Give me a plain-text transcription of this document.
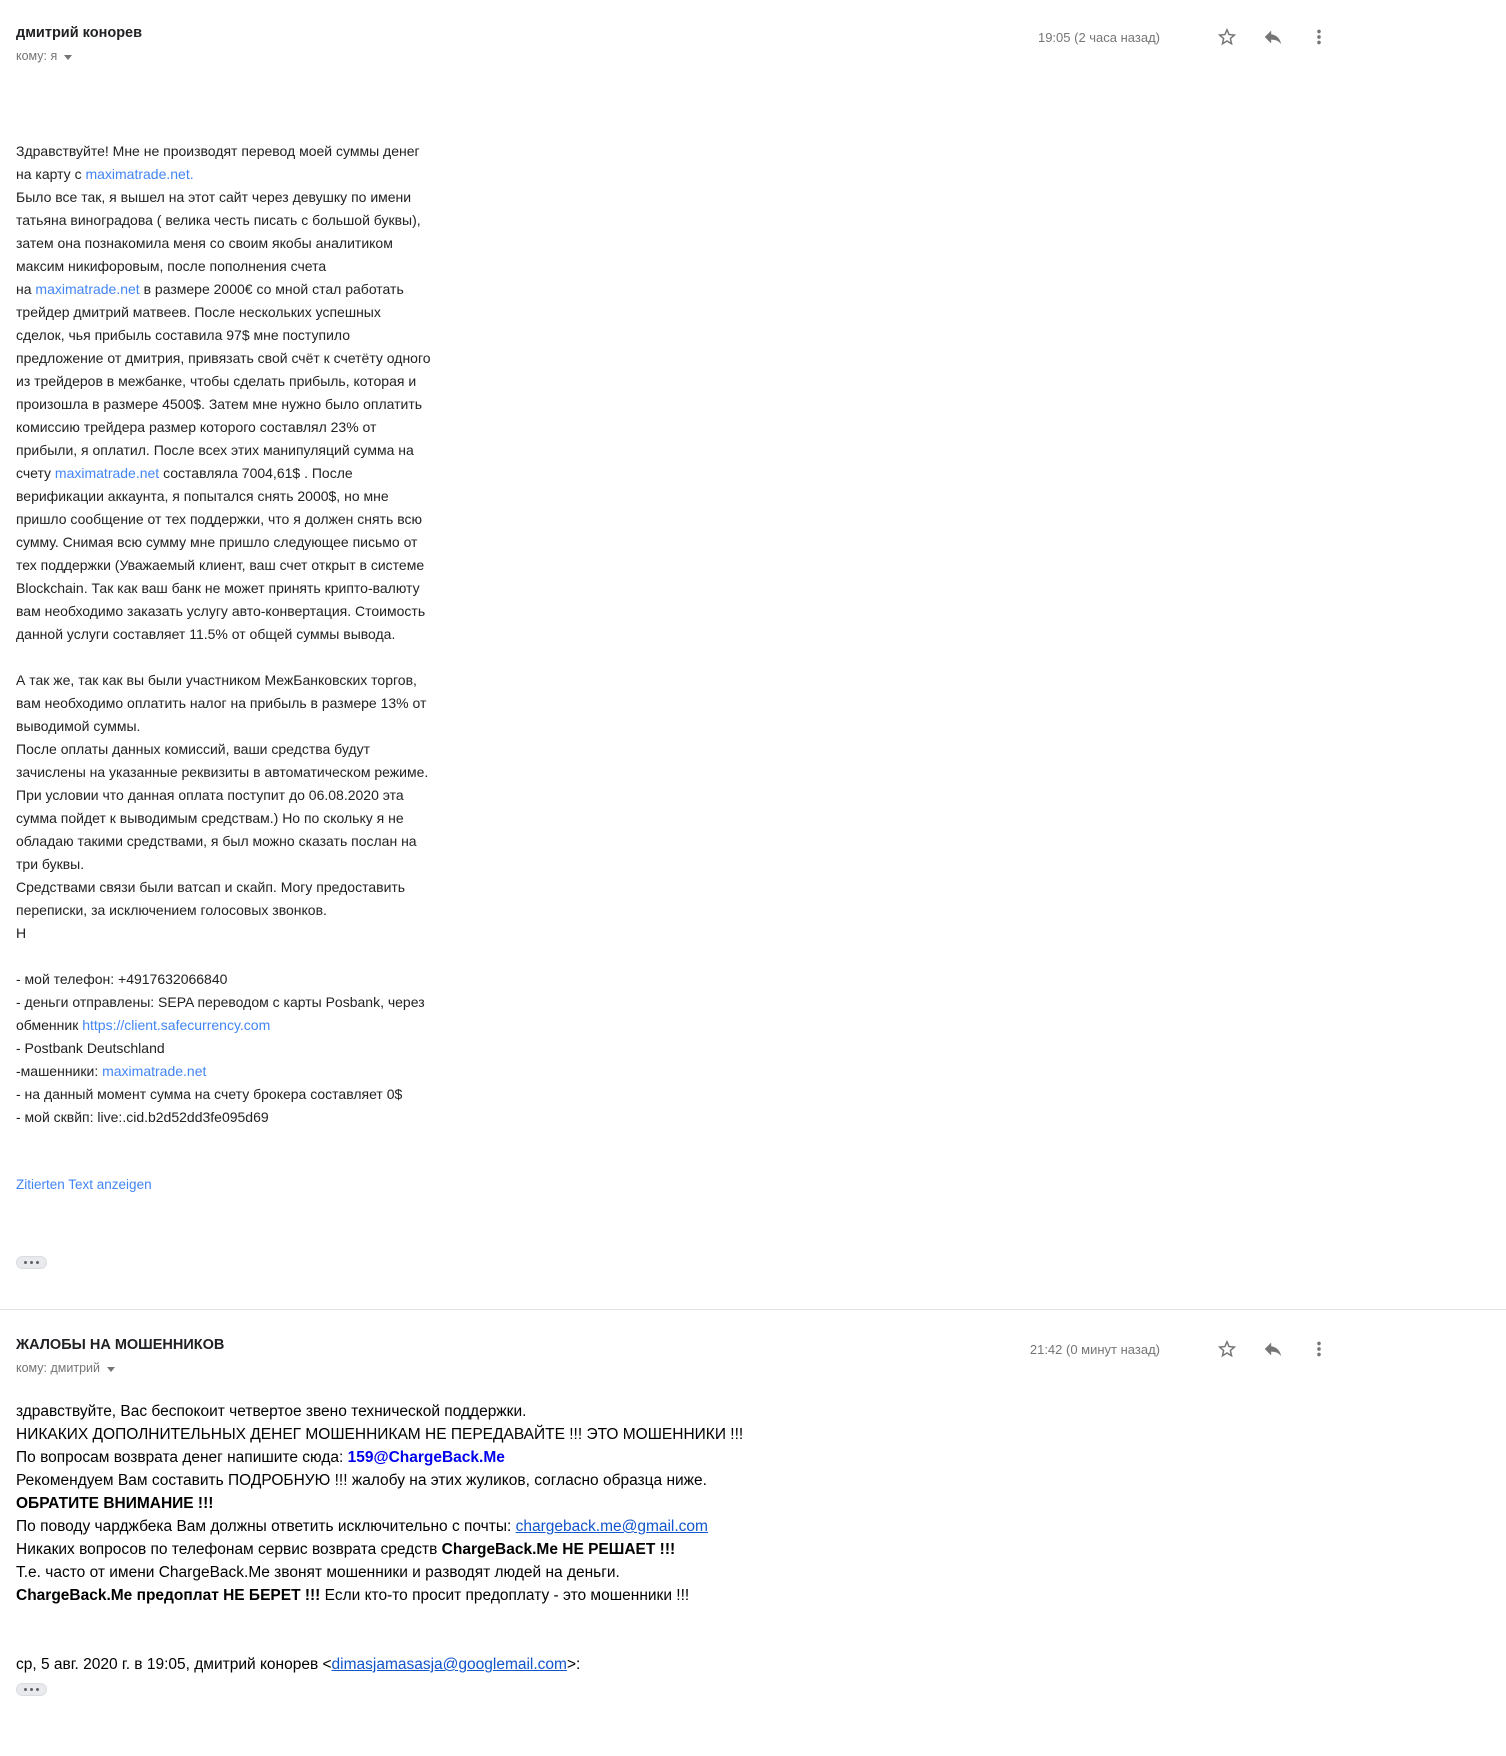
дмитрий конорев
кому: я
19:05 (2 часа назад)
Здравствуйте! Мне не производят перевод моей суммы денег
на карту с maximatrade.net.
Было все так, я вышел на этот сайт через девушку по имени
татьяна виноградова ( велика честь писать с большой буквы),
затем она познакомила меня со своим якобы аналитиком
максим никифоровым, после пополнения счета
на maximatrade.net в размере 2000€ со мной стал работать
трейдер дмитрий матвеев. После нескольких успешных
сделок, чья прибыль составила 97$ мне поступило
предложение от дмитрия, привязать свой счёт к счетёту одного
из трейдеров в межбанке, чтобы сделать прибыль, которая и
произошла в размере 4500$. Затем мне нужно было оплатить
комиссию трейдера размер которого составлял 23% от
прибыли, я оплатил. После всех этих манипуляций сумма на
счету maximatrade.net составляла 7004,61$ . После
верификации аккаунта, я попытался снять 2000$, но мне
пришло сообщение от тех поддержки, что я должен снять всю
сумму. Снимая всю сумму мне пришло следующее письмо от
тех поддержки (Уважаемый клиент, ваш счет открыт в системе
Blockchain. Так как ваш банк не может принять крипто-валюту
вам необходимо заказать услугу авто-конвертация. Стоимость
данной услуги составляет 11.5% от общей суммы вывода.

А так же, так как вы были участником МежБанковских торгов,
вам необходимо оплатить налог на прибыль в размере 13% от
выводимой суммы.
После оплаты данных комиссий, ваши средства будут
зачислены на указанные реквизиты в автоматическом режиме.
При условии что данная оплата поступит до 06.08.2020 эта
сумма пойдет к выводимым средствам.) Но по скольку я не
обладаю такими средствами, я был можно сказать послан на
три буквы.
Средствами связи были ватсап и скайп. Могу предоставить
переписки, за исключением голосовых звонков.
Н

- мой телефон: +4917632066840
- деньги отправлены: SEPA переводом с карты Posbank, через
обменник https://client.safecurrency.com
- Postbank Deutschland
-машенники: maximatrade.net
- на данный момент сумма на счету брокера составляет 0$
- мой сквйп: live:.cid.b2d52dd3fe095d69
Zitierten Text anzeigen
ЖАЛОБЫ НА МОШЕННИКОВ
кому: дмитрий
21:42 (0 минут назад)
здравствуйте, Вас беспокоит четвертое звено технической поддержки.
НИКАКИХ ДОПОЛНИТЕЛЬНЫХ ДЕНЕГ МОШЕННИКАМ НЕ ПЕРЕДАВАЙТЕ !!! ЭТО МОШЕННИКИ !!!
По вопросам возврата денег напишите сюда: 159@ChargeBack.Me
Рекомендуем Вам составить ПОДРОБНУЮ !!! жалобу на этих жуликов, согласно образца ниже.
ОБРАТИТЕ ВНИМАНИЕ !!!
По поводу чарджбека Вам должны ответить исключительно с почты: chargeback.me@gmail.com
Никаких вопросов по телефонам сервис возврата средств ChargeBack.Me НЕ РЕШАЕТ !!!
Т.е. часто от имени ChargeBack.Me звонят мошенники и разводят людей на деньги.
ChargeBack.Me предоплат НЕ БЕРЕТ !!! Если кто-то просит предоплату - это мошенники !!!

ср, 5 авг. 2020 г. в 19:05, дмитрий конорев <dimasjamasasja@googlemail.com>:
